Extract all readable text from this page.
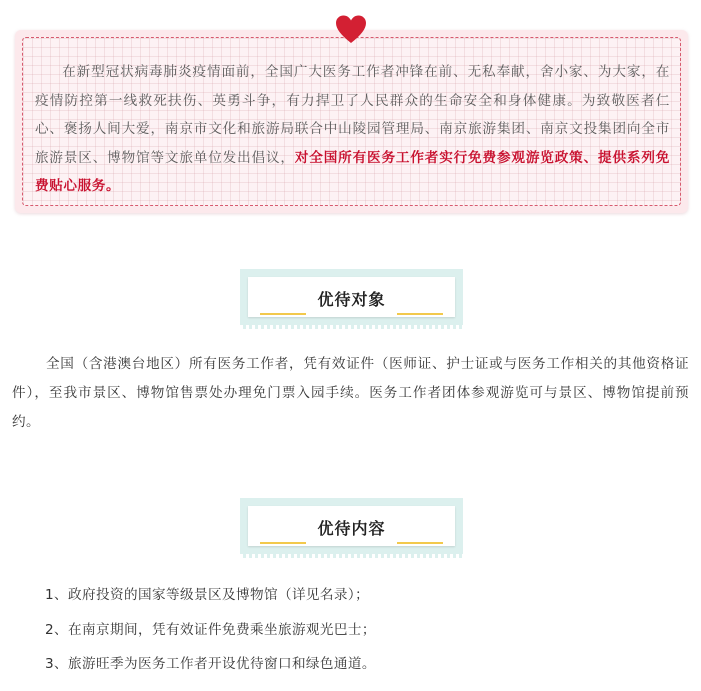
在新型冠状病毒肺炎疫情面前，全国广大医务工作者冲锋在前、无私奉献，舍小家、为大家，在疫情防控第一线救死扶伤、英勇斗争，有力捍卫了人民群众的生命安全和身体健康。为致敬医者仁心、褒扬人间大爱，南京市文化和旅游局联合中山陵园管理局、南京旅游集团、南京文投集团向全市旅游景区、博物馆等文旅单位发出倡议，对全国所有医务工作者实行免费参观游览政策、提供系列免费贴心服务。

优待对象

全国（含港澳台地区）所有医务工作者，凭有效证件（医师证、护士证或与医务工作相关的其他资格证件），至我市景区、博物馆售票处办理免门票入园手续。医务工作者团体参观游览可与景区、博物馆提前预约。

优待内容
1、政府投资的国家等级景区及博物馆（详见名录）；
2、在南京期间，凭有效证件免费乘坐旅游观光巴士；
3、旅游旺季为医务工作者开设优待窗口和绿色通道。
